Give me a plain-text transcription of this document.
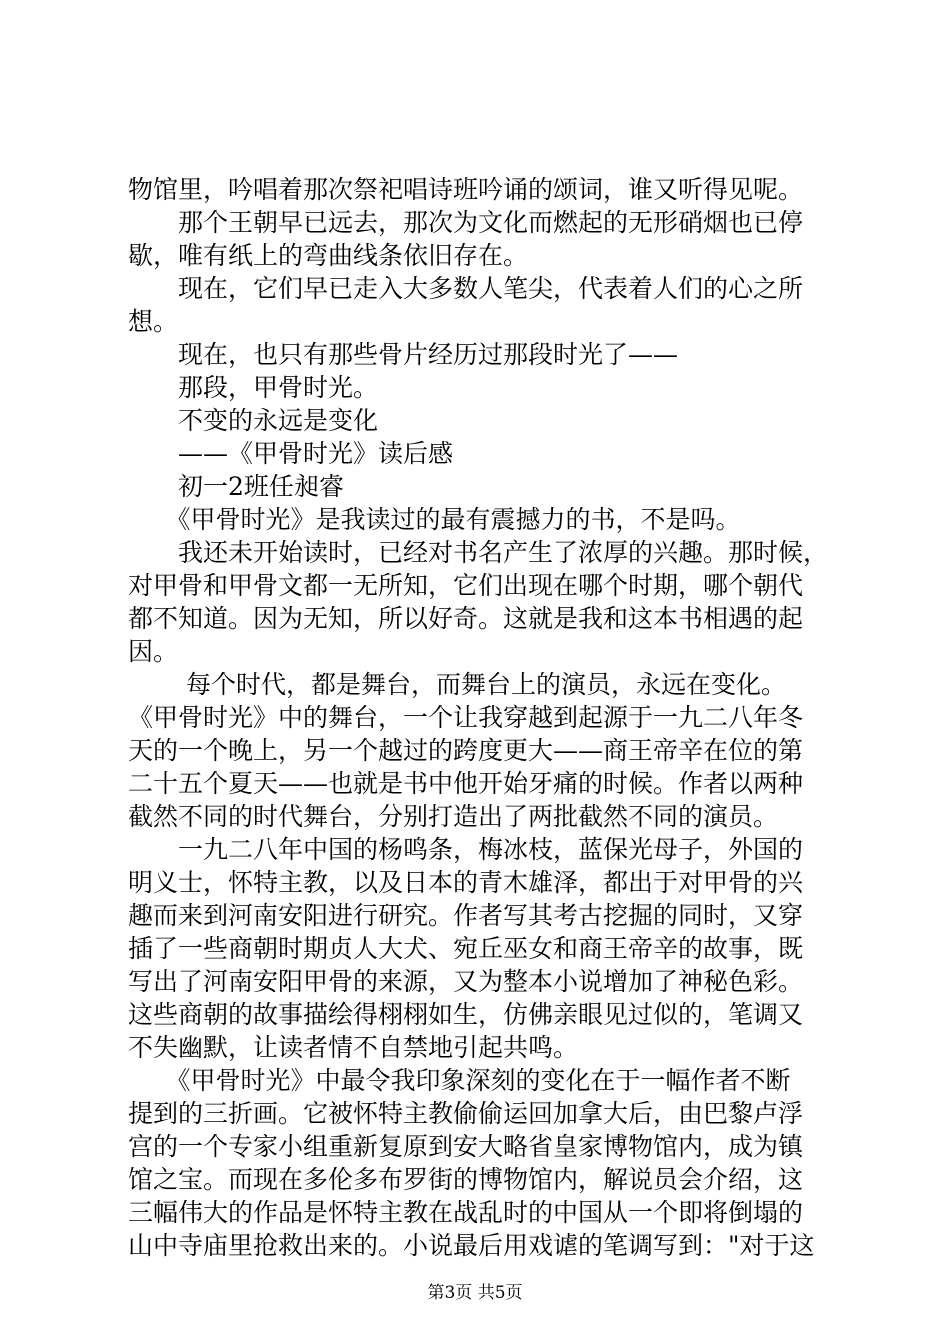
物馆里，吟唱着那次祭祀唱诗班吟诵的颂词，谁又听得见呢。
　　那个王朝早已远去，那次为文化而燃起的无形硝烟也已停
歇，唯有纸上的弯曲线条依旧存在。
　　现在，它们早已走入大多数人笔尖，代表着人们的心之所
想。
　　现在，也只有那些骨片经历过那段时光了——
　　那段，甲骨时光。
　　不变的永远是变化
　　——《甲骨时光》读后感
　　初一2班任昶睿
　　《甲骨时光》是我读过的最有震撼力的书，不是吗。
　　我还未开始读时，已经对书名产生了浓厚的兴趣。那时候，
对甲骨和甲骨文都一无所知，它们出现在哪个时期，哪个朝代
都不知道。因为无知，所以好奇。这就是我和这本书相遇的起
因。
　　 每个时代，都是舞台，而舞台上的演员，永远在变化。
《甲骨时光》中的舞台，一个让我穿越到起源于一九二八年冬
天的一个晚上，另一个越过的跨度更大——商王帝辛在位的第
二十五个夏天——也就是书中他开始牙痛的时候。作者以两种
截然不同的时代舞台，分别打造出了两批截然不同的演员。
　　一九二八年中国的杨鸣条，梅冰枝，蓝保光母子，外国的
明义士，怀特主教，以及日本的青木雄泽，都出于对甲骨的兴
趣而来到河南安阳进行研究。作者写其考古挖掘的同时，又穿
插了一些商朝时期贞人大犬、宛丘巫女和商王帝辛的故事，既
写出了河南安阳甲骨的来源，又为整本小说增加了神秘色彩。
这些商朝的故事描绘得栩栩如生，仿佛亲眼见过似的，笔调又
不失幽默，让读者情不自禁地引起共鸣。
　　《甲骨时光》中最令我印象深刻的变化在于一幅作者不断
提到的三折画。它被怀特主教偷偷运回加拿大后，由巴黎卢浮
宫的一个专家小组重新复原到安大略省皇家博物馆内，成为镇
馆之宝。而现在多伦多布罗街的博物馆内，解说员会介绍，这
三幅伟大的作品是怀特主教在战乱时的中国从一个即将倒塌的
山中寺庙里抢救出来的。小说最后用戏谑的笔调写到："对于这
第3页 共5页
